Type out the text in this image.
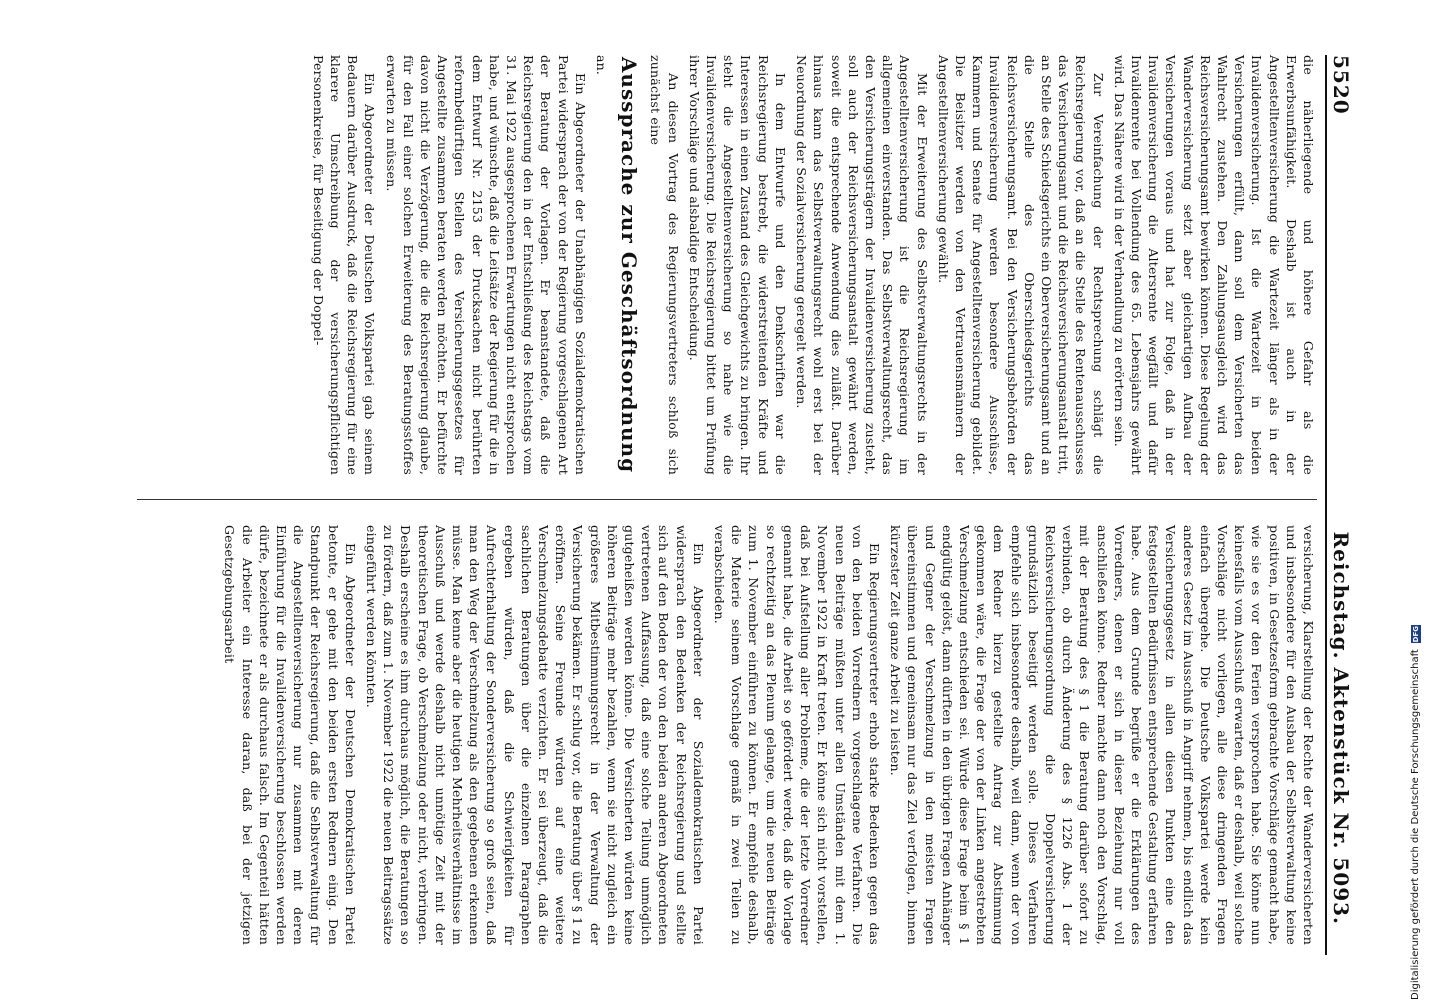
5520
Reichstag. Aktenstück Nr. 5093.

die näherliegende und höhere Gefahr als die Erwerbsunfähigkeit. Deshalb ist auch in der Angestelltenversicherung die Wartezeit länger als in der Invalidenversicherung. Ist die Wartezeit in beiden Versicherungen erfüllt, dann soll dem Versicherten das Wahlrecht zustehen. Den Zahlungsausgleich wird das Reichsversicherungsamt bewirken können. Diese Regelung der Wanderversicherung setzt aber gleichartigen Aufbau der Versicherungen voraus und hat zur Folge, daß in der Invalidenversicherung die Altersrente wegfällt und dafür Invalidenrente bei Vollendung des 65. Lebensjahrs gewährt wird. Das Nähere wird in der Verhandlung zu erörtern sein.

Zur Vereinfachung der Rechtsprechung schlägt die Reichsregierung vor, daß an die Stelle des Rentenausschusses das Versicherungsamt und die Reichsversicherungsanstalt tritt, an Stelle des Schiedsgerichts ein Oberversicherungsamt und an die Stelle des Oberschiedsgerichts das Reichsversicherungsamt. Bei den Versicherungsbehörden der Invalidenversicherung werden besondere Ausschüsse, Kammern und Senate für Angestelltenversicherung gebildet. Die Beisitzer werden von den Vertrauensmännern der Angestelltenversicherung gewählt.

Mit der Erweiterung des Selbstverwaltungsrechts in der Angestelltenversicherung ist die Reichsregierung im allgemeinen einverstanden. Das Selbstverwaltungsrecht, das den Versicherungsträgern der Invalidenversicherung zusteht, soll auch der Reichsversicherungsanstalt gewährt werden, soweit die entsprechende Anwendung dies zuläßt. Darüber hinaus kann das Selbstverwaltungsrecht wohl erst bei der Neuordnung der Sozialversicherung geregelt werden.

In dem Entwurfe und den Denkschriften war die Reichsregierung bestrebt, die widerstreitenden Kräfte und Interessen in einen Zustand des Gleichgewichts zu bringen. Ihr steht die Angestelltenversicherung so nahe wie die Invalidenversicherung. Die Reichsregierung bittet um Prüfung ihrer Vorschläge und alsbaldige Entscheidung.

An diesen Vortrag des Regierungsvertreters schloß sich zunächst eine

Aussprache zur Geschäftsordnung

an.

Ein Abgeordneter der Unabhängigen Sozialdemokratischen Partei widersprach der von der Regierung vorgeschlagenen Art der Beratung der Vorlagen. Er beanstandete, daß die Reichsregierung den in der Entschließung des Reichstags vom 31. Mai 1922 ausgesprochenen Erwartungen nicht entsprochen habe, und wünschte, daß die Leitsätze der Regierung für die in dem Entwurf Nr. 2153 der Drucksachen nicht berührten reformbedürftigen Stellen des Versicherungsgesetzes für Angestellte zusammen beraten werden möchten. Er befürchte davon nicht die Verzögerung, die die Reichsregierung glaube, für den Fall einer solchen Erweiterung des Beratungsstoffes erwarten zu müssen.

Ein Abgeordneter der Deutschen Volkspartei gab seinem Bedauern darüber Ausdruck, daß die Reichsregierung für eine klarere Umschreibung der versicherungspflichtigen Personenkreise, für Beseitigung der Doppel-

versicherung, Klarstellung der Rechte der Wanderversicherten und insbesondere für den Ausbau der Selbstverwaltung keine positiven, in Gesetzesform gebrachte Vorschläge gemacht habe, wie sie es vor den Ferien versprochen habe. Sie könne nun keinesfalls vom Ausschuß erwarten, daß er deshalb, weil solche Vorschläge nicht vorliegen, alle diese dringenden Fragen einfach übergehe. Die Deutsche Volkspartei werde kein anderes Gesetz im Ausschuß in Angriff nehmen, bis endlich das Versicherungsgesetz in allen diesen Punkten eine den festgestellten Bedürfnissen entsprechende Gestaltung erfahren habe. Aus dem Grunde begrüße er die Erklärungen des Vorredners, denen er sich in dieser Beziehung nur voll anschließen könne. Redner machte dann noch den Vorschlag, mit der Beratung des § 1 die Beratung darüber sofort zu verbinden, ob durch Änderung des § 1226 Abs. 1 der Reichsversicherungsordnung die Doppelversicherung grundsätzlich beseitigt werden solle. Dieses Verfahren empfehle sich insbesondere deshalb, weil dann, wenn der von dem Redner hierzu gestellte Antrag zur Abstimmung gekommen wäre, die Frage der von der Linken angestrebten Verschmelzung entschieden sei. Würde diese Frage beim § 1 endgültig gelöst, dann dürften in den übrigen Fragen Anhänger und Gegner der Verschmelzung in den meisten Fragen übereinstimmen und gemeinsam nur das Ziel verfolgen, binnen kürzester Zeit ganze Arbeit zu leisten.

Ein Regierungsvertreter erhob starke Bedenken gegen das von den beiden Vorrednern vorgeschlagene Verfahren. Die neuen Beiträge müßten unter allen Umständen mit dem 1. November 1922 in Kraft treten. Er könne sich nicht vorstellen, daß bei Aufstellung aller Probleme, die der letzte Vorredner genannt habe, die Arbeit so gefördert werde, daß die Vorlage so rechtzeitig an das Plenum gelange, um die neuen Beiträge zum 1. November einführen zu können. Er empfehle deshalb, die Materie seinem Vorschlage gemäß in zwei Teilen zu verabschieden.

Ein Abgeordneter der Sozialdemokratischen Partei widersprach den Bedenken der Reichsregierung und stellte sich auf den Boden der von den beiden anderen Abgeordneten vertretenen Auffassung, daß eine solche Teilung unmöglich gutgeheißen werden könne. Die Versicherten würden keine höheren Beiträge mehr bezahlen, wenn sie nicht zugleich ein größeres Mitbestimmungsrecht in der Verwaltung der Versicherung bekämen. Er schlug vor, die Beratung über § 1 zu eröffnen. Seine Freunde würden auf eine weitere Verschmelzungsdebatte verzichten. Er sei überzeugt, daß die sachlichen Beratungen über die einzelnen Paragraphen ergeben würden, daß die Schwierigkeiten für Aufrechterhaltung der Sonderversicherung so groß seien, daß man den Weg der Verschmelzung als den gegebenen erkennen müsse. Man kenne aber die heutigen Mehrheitsverhältnisse im Ausschuß und werde deshalb nicht unnötige Zeit mit der theoretischen Frage, ob Verschmelzung oder nicht, verbringen. Deshalb erscheine es ihm durchaus möglich, die Beratungen so zu fördern, daß zum 1. November 1922 die neuen Beitragssätze eingeführt werden könnten.

Ein Abgeordneter der Deutschen Demokratischen Partei betonte, er gehe mit den beiden ersten Rednern einig. Den Standpunkt der Reichsregierung, daß die Selbstverwaltung für die Angestelltenversicherung nur zusammen mit deren Einführung für die Invalidenversicherung beschlossen werden dürfe, bezeichnete er als durchaus falsch. Im Gegenteil hätten die Arbeiter ein Interesse daran, daß bei der jetzigen Gesetzgebungsarbeit

Digitalisierung gefördert durch die Deutsche Forschungsgemeinschaft
DFG
